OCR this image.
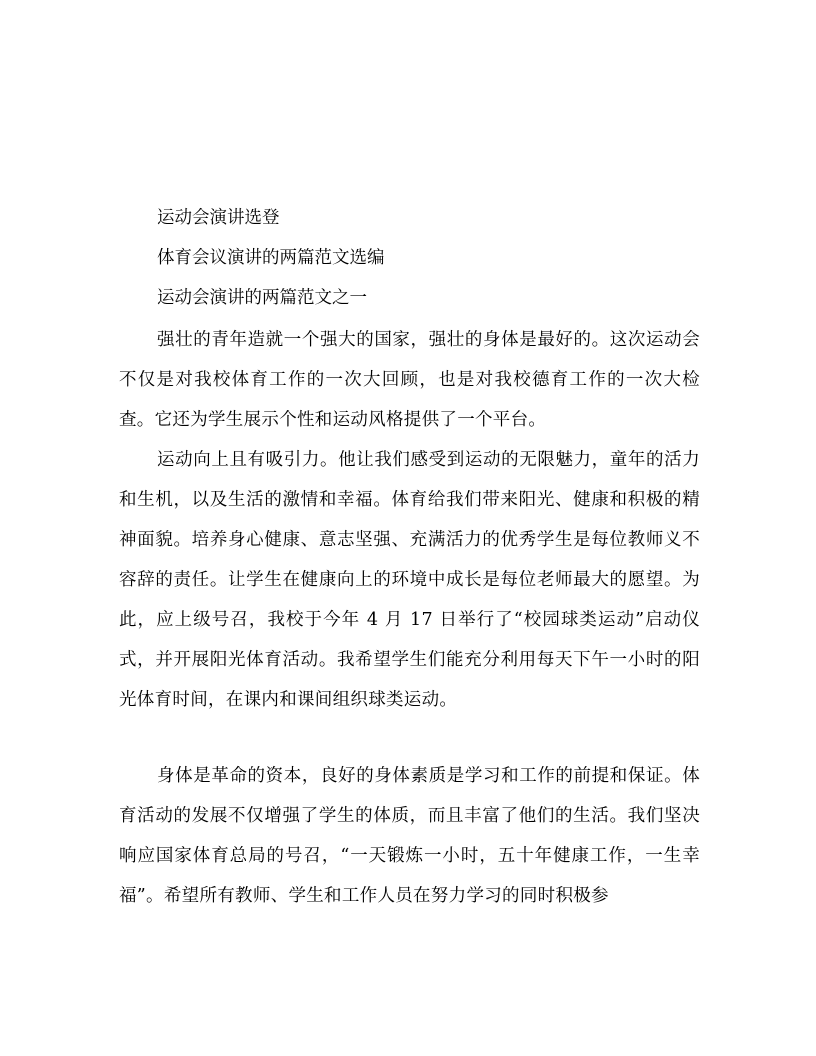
运动会演讲选登
体育会议演讲的两篇范文选编
运动会演讲的两篇范文之一

强壮的青年造就一个强大的国家，强壮的身体是最好的。这次运动会不仅是对我校体育工作的一次大回顾，也是对我校德育工作的一次大检查。它还为学生展示个性和运动风格提供了一个平台。

运动向上且有吸引力。他让我们感受到运动的无限魅力，童年的活力和生机，以及生活的激情和幸福。体育给我们带来阳光、健康和积极的精神面貌。培养身心健康、意志坚强、充满活力的优秀学生是每位教师义不容辞的责任。让学生在健康向上的环境中成长是每位老师最大的愿望。为此，应上级号召，我校于今年 4 月 17 日举行了“校园球类运动”启动仪式，并开展阳光体育活动。我希望学生们能充分利用每天下午一小时的阳光体育时间，在课内和课间组织球类运动。

身体是革命的资本，良好的身体素质是学习和工作的前提和保证。体育活动的发展不仅增强了学生的体质，而且丰富了他们的生活。我们坚决响应国家体育总局的号召，“一天锻炼一小时，五十年健康工作，一生幸福”。希望所有教师、学生和工作人员在努力学习的同时积极参
